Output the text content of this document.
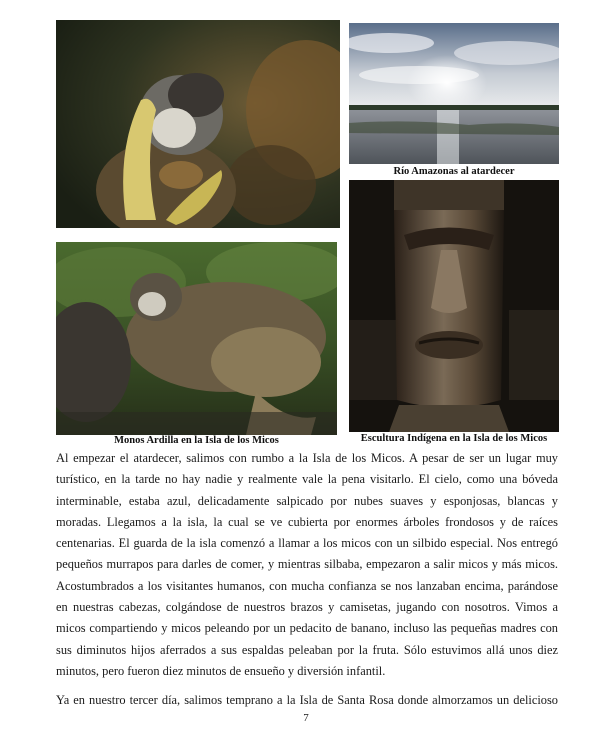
Río Amazonas al atardecer
Monos Ardilla en la Isla de los Micos	Escultura Indígena en la Isla de los Micos

Al empezar el atardecer, salimos con rumbo a la Isla de los Micos. A pesar de ser un lugar muy turístico, en la tarde no hay nadie y realmente vale la pena visitarlo. El cielo, como una bóveda interminable, estaba azul, delicadamente salpicado por nubes suaves y esponjosas, blancas y moradas. Llegamos a la isla, la cual se ve cubierta por enormes árboles frondosos y de raíces centenarias. El guarda de la isla comenzó a llamar a los micos con un silbido especial. Nos entregó pequeños murrapos para darles de comer, y mientras silbaba, empezaron a salir micos y más micos. Acostumbrados a los visitantes humanos, con mucha confianza se nos lanzaban encima, parándose en nuestras cabezas, colgándose de nuestros brazos y camisetas, jugando con nosotros. Vimos a micos compartiendo y micos peleando por un pedacito de banano, incluso las pequeñas madres con sus diminutos hijos aferrados a sus espaldas peleaban por la fruta. Sólo estuvimos allá unos diez minutos, pero fueron diez minutos de ensueño y diversión infantil.

Ya en nuestro tercer día, salimos temprano a la Isla de Santa Rosa donde almorzamos un delicioso

7
